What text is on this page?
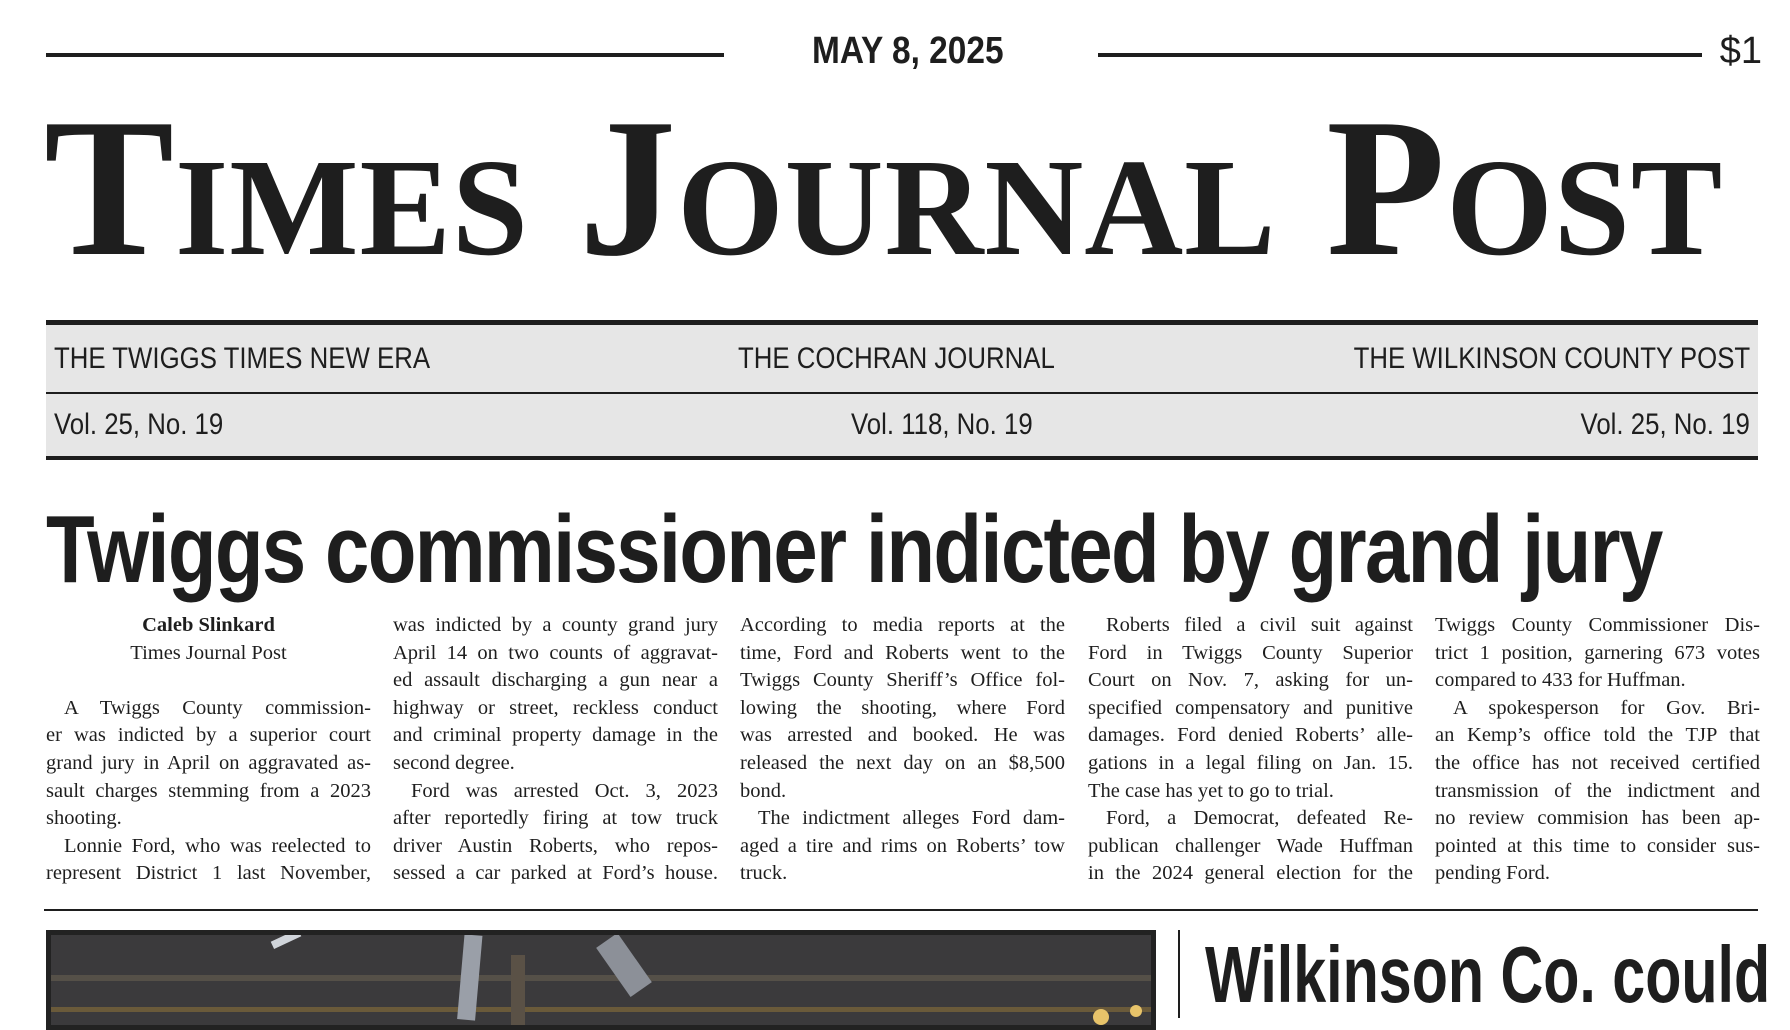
MAY 8, 2025	$1
Times Journal Post
THE TWIGGS TIMES NEW ERA	THE COCHRAN JOURNAL	THE WILKINSON COUNTY POST
Vol. 25, No. 19	Vol. 118, No. 19	Vol. 25, No. 19
Twiggs commissioner indicted by grand jury
Caleb Slinkard
Times Journal Post
A Twiggs County commission-
er was indicted by a superior court
grand jury in April on aggravated as-
sault charges stemming from a 2023
shooting.
Lonnie Ford, who was reelected to
represent District 1 last November,
was indicted by a county grand jury
April 14 on two counts of aggravat-
ed assault discharging a gun near a
highway or street, reckless conduct
and criminal property damage in the
second degree.
Ford was arrested Oct. 3, 2023
after reportedly firing at tow truck
driver Austin Roberts, who repos-
sessed a car parked at Ford’s house.
According to media reports at the
time, Ford and Roberts went to the
Twiggs County Sheriff’s Office fol-
lowing the shooting, where Ford
was arrested and booked. He was
released the next day on an $8,500
bond.
The indictment alleges Ford dam-
aged a tire and rims on Roberts’ tow
truck.
Roberts filed a civil suit against
Ford in Twiggs County Superior
Court on Nov. 7, asking for un-
specified compensatory and punitive
damages. Ford denied Roberts’ alle-
gations in a legal filing on Jan. 15.
The case has yet to go to trial.
Ford, a Democrat, defeated Re-
publican challenger Wade Huffman
in the 2024 general election for the
Twiggs County Commissioner Dis-
trict 1 position, garnering 673 votes
compared to 433 for Huffman.
A spokesperson for Gov. Bri-
an Kemp’s office told the TJP that
the office has not received certified
transmission of the indictment and
no review commision has been ap-
pointed at this time to consider sus-
pending Ford.
Wilkinson Co. could
